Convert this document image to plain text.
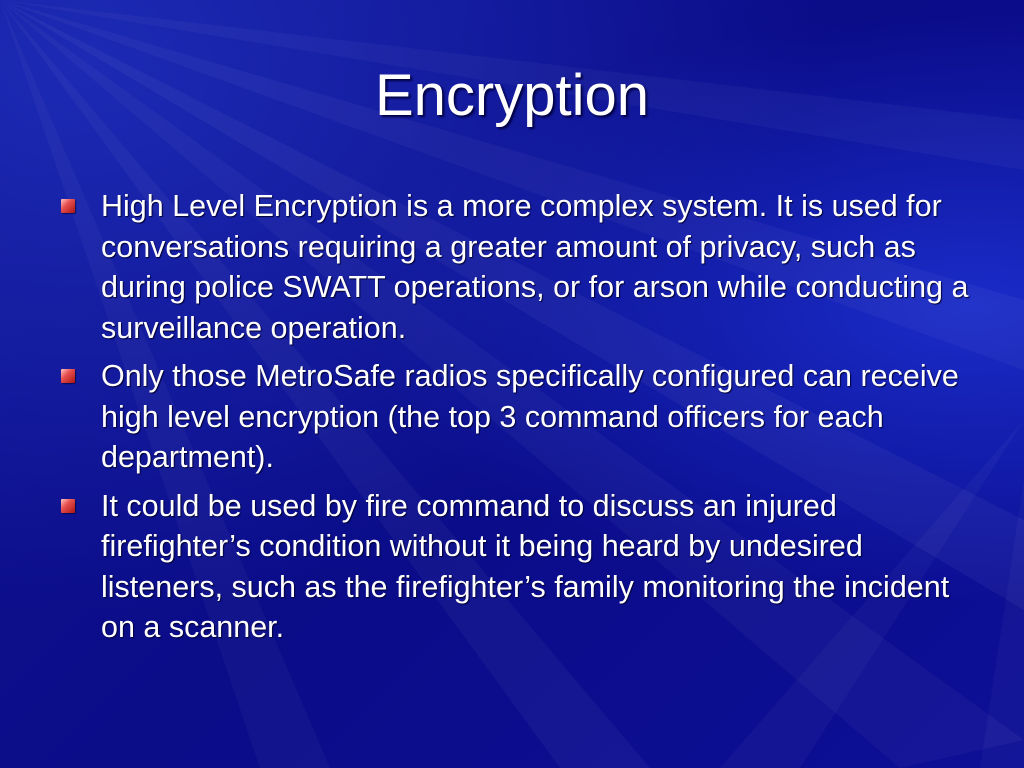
Encryption
High Level Encryption is a more complex system. It is used for conversations requiring a greater amount of privacy, such as during police SWATT operations, or for arson while conducting a surveillance operation.
Only those MetroSafe radios specifically configured can receive high level encryption (the top 3 command officers for each department).
It could be used by fire command to discuss an injured firefighter’s condition without it being heard by undesired listeners, such as the firefighter’s family monitoring the incident on a scanner.
